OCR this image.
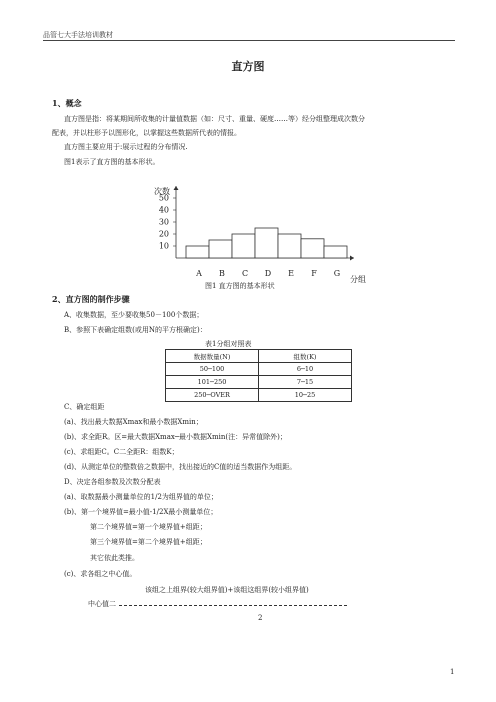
品管七大手法培训教材
直方图
1、概念
直方图是指：将某期间所收集的计量值数据（如：尺寸、重量、硬度……等）经分组整理成次数分
配表，并以柱形予以图形化，以掌握这些数据所代表的情报。
直方图主要应用于:展示过程的分布情况.
图1表示了直方图的基本形状。
10
20
30
40
50
次数
A B C D E F G
分组
图1 直方图的基本形状
2、直方图的制作步骤
A、收集数据，至少要收集50－100个数据；
B、参照下表确定组数(或用N的平方根确定)：
表1分组对照表
数据数量(N)	组数(K)
50─100	6─10
101─250	7─15
250─OVER	10─25
C、确定组距
(a)、找出最大数据Xmax和最小数据Xmin；
(b)、求全距R。区=最大数据Xmax─最小数据Xmin(注：异常值除外)；
(c)、求组距C。C二全距R：组数K；
(d)、从测定单位的整数倍之数据中，找出接近的C值的适当数据作为组距。
D、决定各组参数及次数分配表
(a)、取数据最小测量单位的1/2为组界值的单位；
(b)、第一个境界值=最小值-1/2X最小测量单位；
第二个境界值=第一个境界值+组距；
第三个境界值=第二个境界值+组距；
其它依此类推。
(c)、求各组之中心值。
该组之上组界(较大组界值)+该组这组界(较小组界值)
中心值二
2
1
